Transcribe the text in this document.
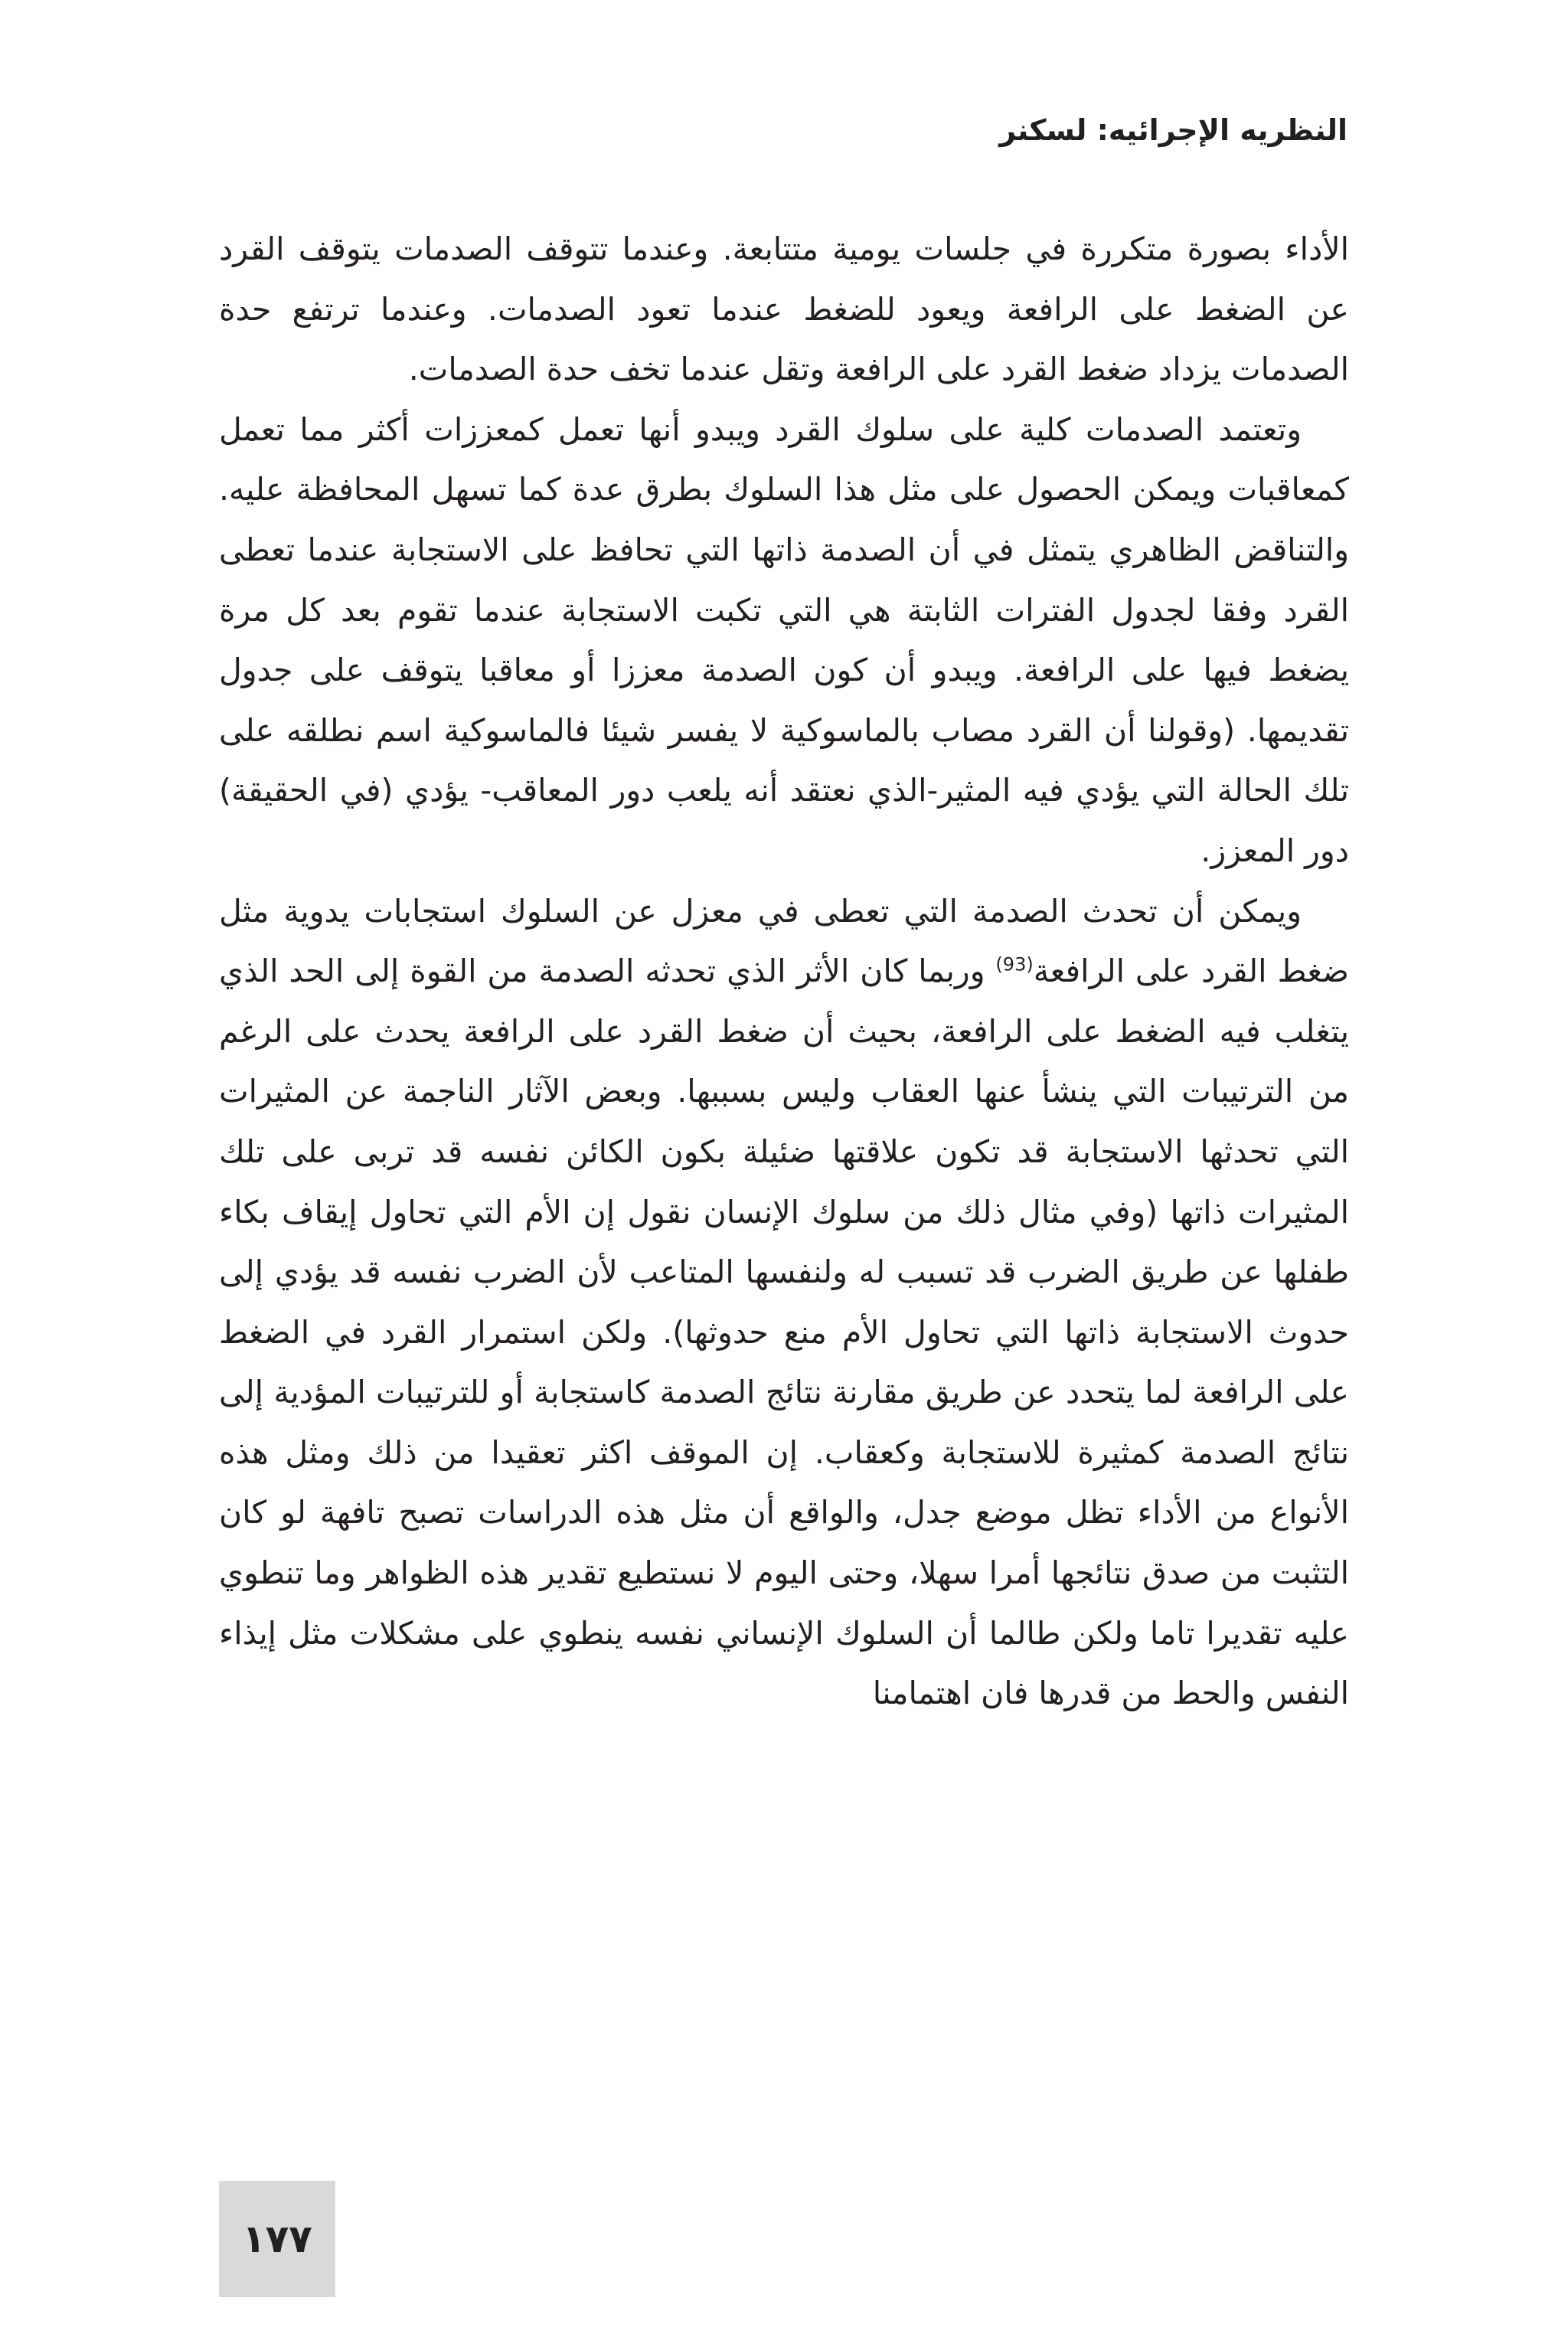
النظريه الإجرائيه: لسكنر

الأداء بصورة متكررة في جلسات يومية متتابعة. وعندما تتوقف الصدمات يتوقف القرد عن الضغط على الرافعة ويعود للضغط عندما تعود الصدمات. وعندما ترتفع حدة الصدمات يزداد ضغط القرد على الرافعة وتقل عندما تخف حدة الصدمات.

وتعتمد الصدمات كلية على سلوك القرد ويبدو أنها تعمل كمعززات أكثر مما تعمل كمعاقبات ويمكن الحصول على مثل هذا السلوك بطرق عدة كما تسهل المحافظة عليه. والتناقض الظاهري يتمثل في أن الصدمة ذاتها التي تحافظ على الاستجابة عندما تعطى القرد وفقا لجدول الفترات الثابتة هي التي تكبت الاستجابة عندما تقوم بعد كل مرة يضغط فيها على الرافعة. ويبدو أن كون الصدمة معززا أو معاقبا يتوقف على جدول تقديمها. (وقولنا أن القرد مصاب بالماسوكية لا يفسر شيئا فالماسوكية اسم نطلقه على تلك الحالة التي يؤدي فيه المثير-الذي نعتقد أنه يلعب دور المعاقب- يؤدي (في الحقيقة) دور المعزز.

ويمكن أن تحدث الصدمة التي تعطى في معزل عن السلوك استجابات يدوية مثل ضغط القرد على الرافعة$^{(93)}$ وربما كان الأثر الذي تحدثه الصدمة من القوة إلى الحد الذي يتغلب فيه الضغط على الرافعة، بحيث أن ضغط القرد على الرافعة يحدث على الرغم من الترتيبات التي ينشأ عنها العقاب وليس بسببها. وبعض الآثار الناجمة عن المثيرات التي تحدثها الاستجابة قد تكون علاقتها ضئيلة بكون الكائن نفسه قد تربى على تلك المثيرات ذاتها (وفي مثال ذلك من سلوك الإنسان نقول إن الأم التي تحاول إيقاف بكاء طفلها عن طريق الضرب قد تسبب له ولنفسها المتاعب لأن الضرب نفسه قد يؤدي إلى حدوث الاستجابة ذاتها التي تحاول الأم منع حدوثها). ولكن استمرار القرد في الضغط على الرافعة لما يتحدد عن طريق مقارنة نتائج الصدمة كاستجابة أو للترتيبات المؤدية إلى نتائج الصدمة كمثيرة للاستجابة وكعقاب. إن الموقف اكثر تعقيدا من ذلك ومثل هذه الأنواع من الأداء تظل موضع جدل، والواقع أن مثل هذه الدراسات تصبح تافهة لو كان التثبت من صدق نتائجها أمرا سهلا، وحتى اليوم لا نستطيع تقدير هذه الظواهر وما تنطوي عليه تقديرا تاما ولكن طالما أن السلوك الإنساني نفسه ينطوي على مشكلات مثل إيذاء النفس والحط من قدرها فان اهتمامنا

١٧٧
